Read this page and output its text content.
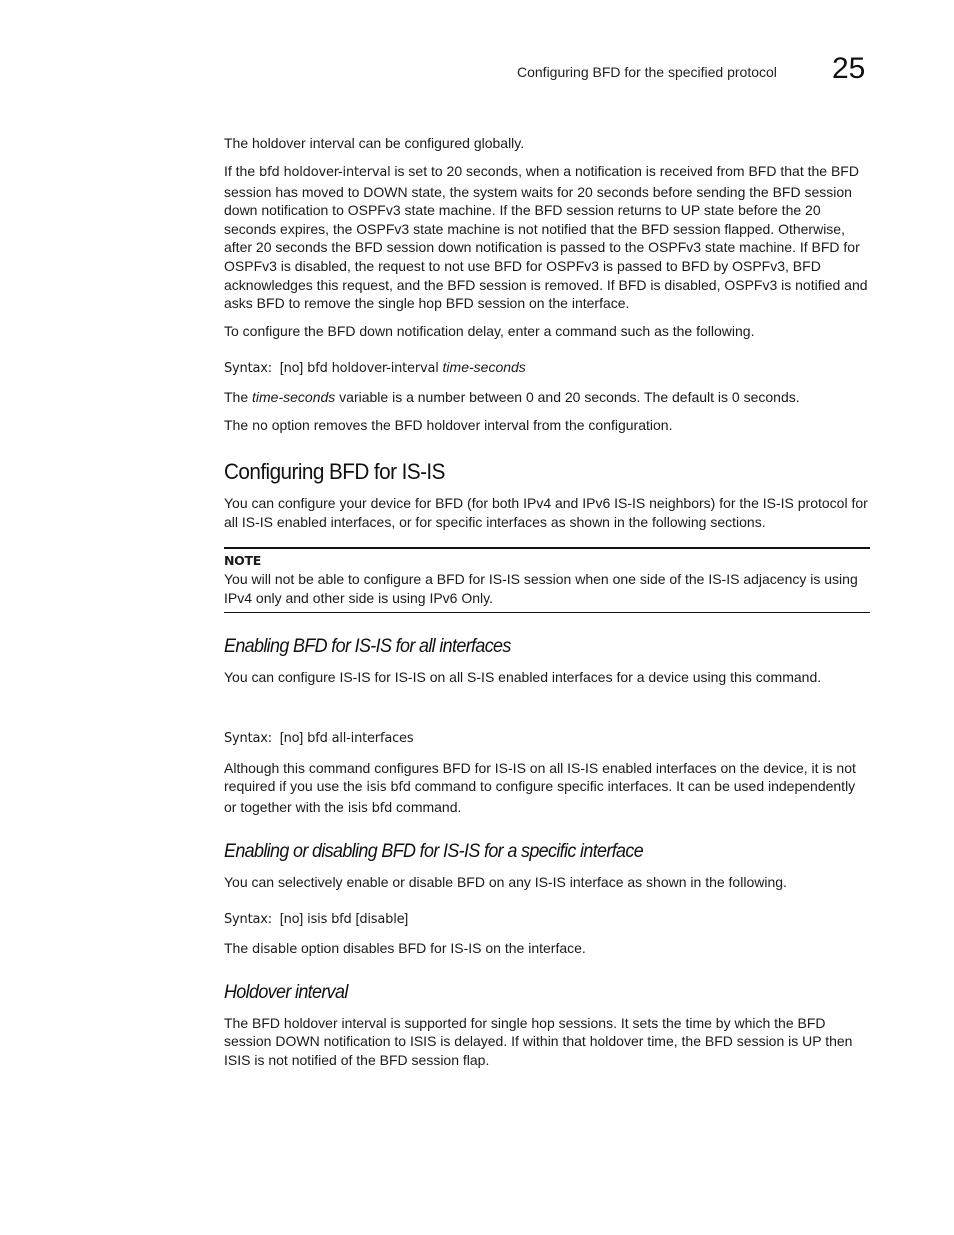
Configuring BFD for the specified protocol 25

The holdover interval can be configured globally.

If the bfd holdover-interval is set to 20 seconds, when a notification is received from BFD that the BFD session has moved to DOWN state, the system waits for 20 seconds before sending the BFD session down notification to OSPFv3 state machine. If the BFD session returns to UP state before the 20 seconds expires, the OSPFv3 state machine is not notified that the BFD session flapped. Otherwise, after 20 seconds the BFD session down notification is passed to the OSPFv3 state machine. If BFD for OSPFv3 is disabled, the request to not use BFD for OSPFv3 is passed to BFD by OSPFv3, BFD acknowledges this request, and the BFD session is removed. If BFD is disabled, OSPFv3 is notified and asks BFD to remove the single hop BFD session on the interface.

To configure the BFD down notification delay, enter a command such as the following.

Syntax: [no] bfd holdover-interval time-seconds

The time-seconds variable is a number between 0 and 20 seconds. The default is 0 seconds.

The no option removes the BFD holdover interval from the configuration.

Configuring BFD for IS-IS

You can configure your device for BFD (for both IPv4 and IPv6 IS-IS neighbors) for the IS-IS protocol for all IS-IS enabled interfaces, or for specific interfaces as shown in the following sections.

NOTE

You will not be able to configure a BFD for IS-IS session when one side of the IS-IS adjacency is using IPv4 only and other side is using IPv6 Only.

Enabling BFD for IS-IS for all interfaces

You can configure IS-IS for IS-IS on all S-IS enabled interfaces for a device using this command.

Syntax: [no] bfd all-interfaces

Although this command configures BFD for IS-IS on all IS-IS enabled interfaces on the device, it is not required if you use the isis bfd command to configure specific interfaces. It can be used independently or together with the isis bfd command.

Enabling or disabling BFD for IS-IS for a specific interface

You can selectively enable or disable BFD on any IS-IS interface as shown in the following.

Syntax: [no] isis bfd [disable]

The disable option disables BFD for IS-IS on the interface.

Holdover interval

The BFD holdover interval is supported for single hop sessions. It sets the time by which the BFD session DOWN notification to ISIS is delayed. If within that holdover time, the BFD session is UP then ISIS is not notified of the BFD session flap.
